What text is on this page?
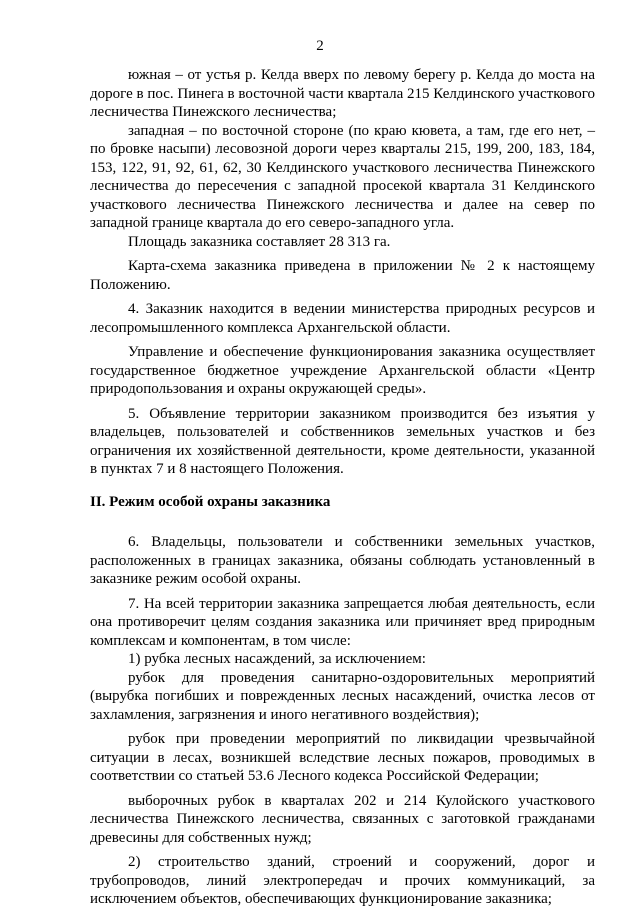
2

южная – от устья р. Келда вверх по левому берегу р. Келда до моста на дороге в пос. Пинега в восточной части квартала 215 Келдинского участкового лесничества Пинежского лесничества;

западная – по восточной стороне (по краю кювета, а там, где его нет, – по бровке насыпи) лесовозной дороги через кварталы 215, 199, 200, 183, 184, 153, 122, 91, 92, 61, 62, 30 Келдинского участкового лесничества Пинежского лесничества до пересечения с западной просекой квартала 31 Келдинского участкового лесничества Пинежского лесничества и далее на север по западной границе квартала до его северо-западного угла.

Площадь заказника составляет 28 313 га.

Карта-схема заказника приведена в приложении № 2 к настоящему Положению.

4. Заказник находится в ведении министерства природных ресурсов и лесопромышленного комплекса Архангельской области.

Управление и обеспечение функционирования заказника осуществляет государственное бюджетное учреждение Архангельской области «Центр природопользования и охраны окружающей среды».

5. Объявление территории заказником производится без изъятия у владельцев, пользователей и собственников земельных участков и без ограничения их хозяйственной деятельности, кроме деятельности, указанной в пунктах 7 и 8 настоящего Положения.

II. Режим особой охраны заказника

6. Владельцы, пользователи и собственники земельных участков, расположенных в границах заказника, обязаны соблюдать установленный в заказнике режим особой охраны.

7. На всей территории заказника запрещается любая деятельность, если она противоречит целям создания заказника или причиняет вред природным комплексам и компонентам, в том числе:

1) рубка лесных насаждений, за исключением:

рубок для проведения санитарно-оздоровительных мероприятий (вырубка погибших и поврежденных лесных насаждений, очистка лесов от захламления, загрязнения и иного негативного воздействия);

рубок при проведении мероприятий по ликвидации чрезвычайной ситуации в лесах, возникшей вследствие лесных пожаров, проводимых в соответствии со статьей 53.6 Лесного кодекса Российской Федерации;

выборочных рубок в кварталах 202 и 214 Кулойского участкового лесничества Пинежского лесничества, связанных с заготовкой гражданами древесины для собственных нужд;

2) строительство зданий, строений и сооружений, дорог и трубопроводов, линий электропередач и прочих коммуникаций, за исключением объектов, обеспечивающих функционирование заказника;
